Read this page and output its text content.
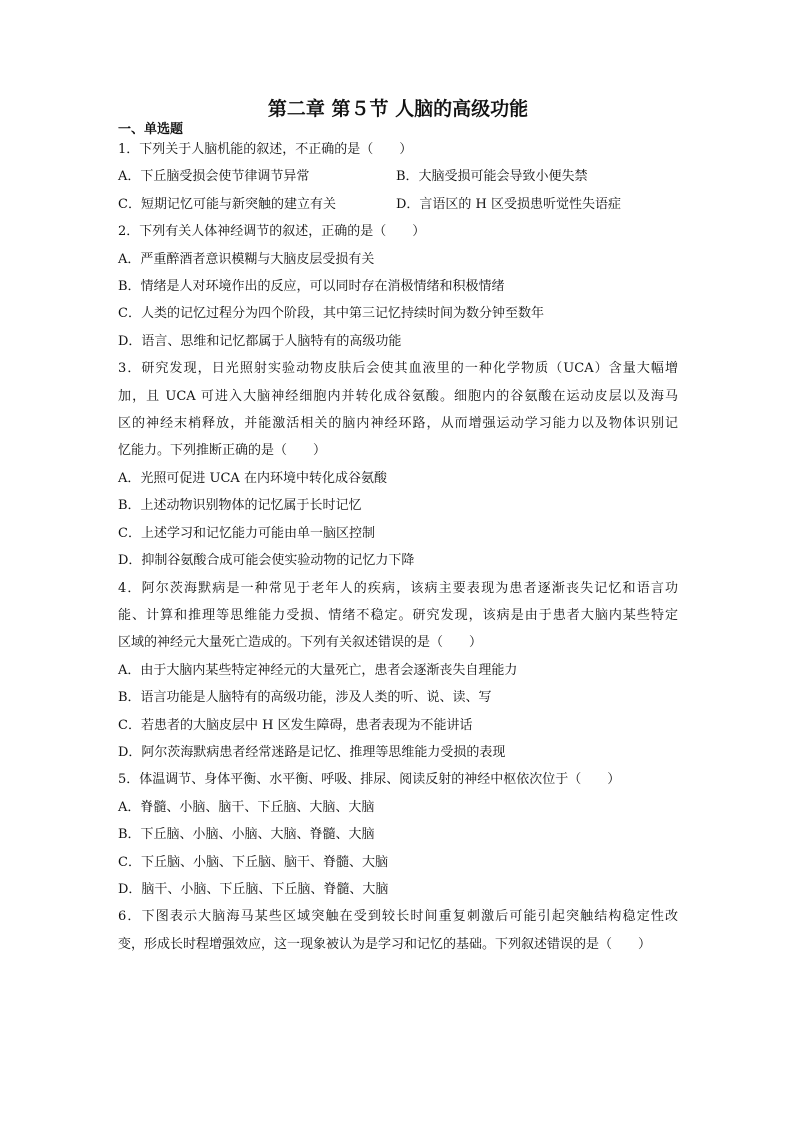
第二章 第５节 人脑的高级功能

一、单选题

1．下列关于人脑机能的叙述，不正确的是（　　）

A．下丘脑受损会使节律调节异常	B．大脑受损可能会导致小便失禁
C．短期记忆可能与新突触的建立有关	D．言语区的 H 区受损患听觉性失语症

2．下列有关人体神经调节的叙述，正确的是（　　）

A．严重醉酒者意识模糊与大脑皮层受损有关

B．情绪是人对环境作出的反应，可以同时存在消极情绪和积极情绪

C．人类的记忆过程分为四个阶段，其中第三记忆持续时间为数分钟至数年

D．语言、思维和记忆都属于人脑特有的高级功能

3．研究发现，日光照射实验动物皮肤后会使其血液里的一种化学物质（UCA）含量大幅增

加，且 UCA 可进入大脑神经细胞内并转化成谷氨酸。细胞内的谷氨酸在运动皮层以及海马

区的神经末梢释放，并能激活相关的脑内神经环路，从而增强运动学习能力以及物体识别记

忆能力。下列推断正确的是（　　）

A．光照可促进 UCA 在内环境中转化成谷氨酸

B．上述动物识别物体的记忆属于长时记忆

C．上述学习和记忆能力可能由单一脑区控制

D．抑制谷氨酸合成可能会使实验动物的记忆力下降

4．阿尔茨海默病是一种常见于老年人的疾病，该病主要表现为患者逐渐丧失记忆和语言功

能、计算和推理等思维能力受损、情绪不稳定。研究发现，该病是由于患者大脑内某些特定

区域的神经元大量死亡造成的。下列有关叙述错误的是（　　）

A．由于大脑内某些特定神经元的大量死亡，患者会逐渐丧失自理能力

B．语言功能是人脑特有的高级功能，涉及人类的听、说、读、写

C．若患者的大脑皮层中 H 区发生障碍，患者表现为不能讲话

D．阿尔茨海默病患者经常迷路是记忆、推理等思维能力受损的表现

5．体温调节、身体平衡、水平衡、呼吸、排尿、阅读反射的神经中枢依次位于（　　）

A．脊髓、小脑、脑干、下丘脑、大脑、大脑

B．下丘脑、小脑、小脑、大脑、脊髓、大脑

C．下丘脑、小脑、下丘脑、脑干、脊髓、大脑

D．脑干、小脑、下丘脑、下丘脑、脊髓、大脑

6．下图表示大脑海马某些区域突触在受到较长时间重复刺激后可能引起突触结构稳定性改

变，形成长时程增强效应，这一现象被认为是学习和记忆的基础。下列叙述错误的是（　　）
